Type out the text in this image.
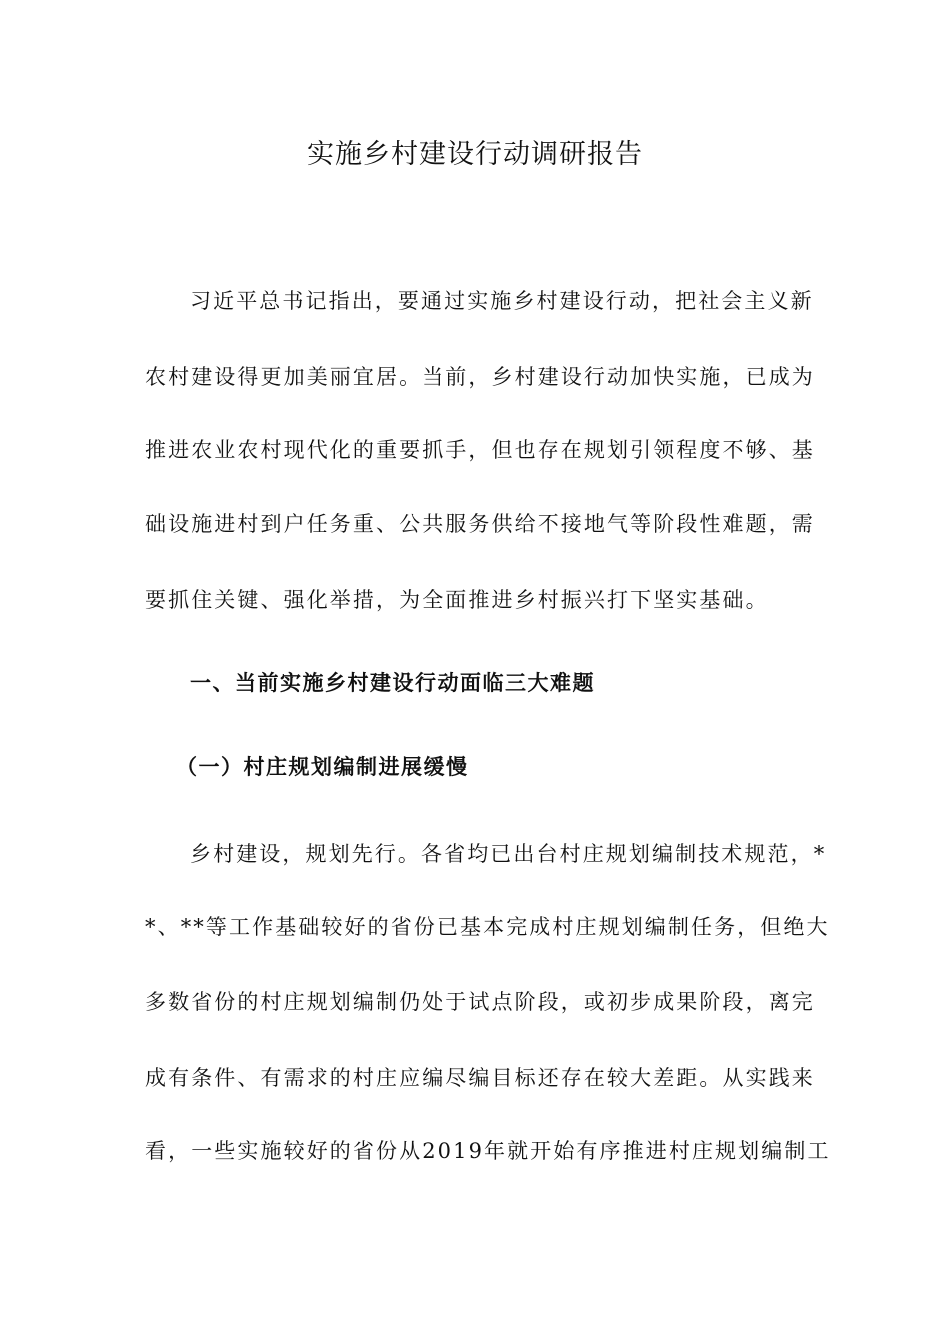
实施乡村建设行动调研报告
习近平总书记指出，要通过实施乡村建设行动，把社会主义新
农村建设得更加美丽宜居。当前，乡村建设行动加快实施，已成为
推进农业农村现代化的重要抓手，但也存在规划引领程度不够、基
础设施进村到户任务重、公共服务供给不接地气等阶段性难题，需
要抓住关键、强化举措，为全面推进乡村振兴打下坚实基础。
一、当前实施乡村建设行动面临三大难题
（一）村庄规划编制进展缓慢
乡村建设，规划先行。各省均已出台村庄规划编制技术规范，*
*、**等工作基础较好的省份已基本完成村庄规划编制任务，但绝大
多数省份的村庄规划编制仍处于试点阶段，或初步成果阶段，离完
成有条件、有需求的村庄应编尽编目标还存在较大差距。从实践来
看，一些实施较好的省份从2019年就开始有序推进村庄规划编制工
